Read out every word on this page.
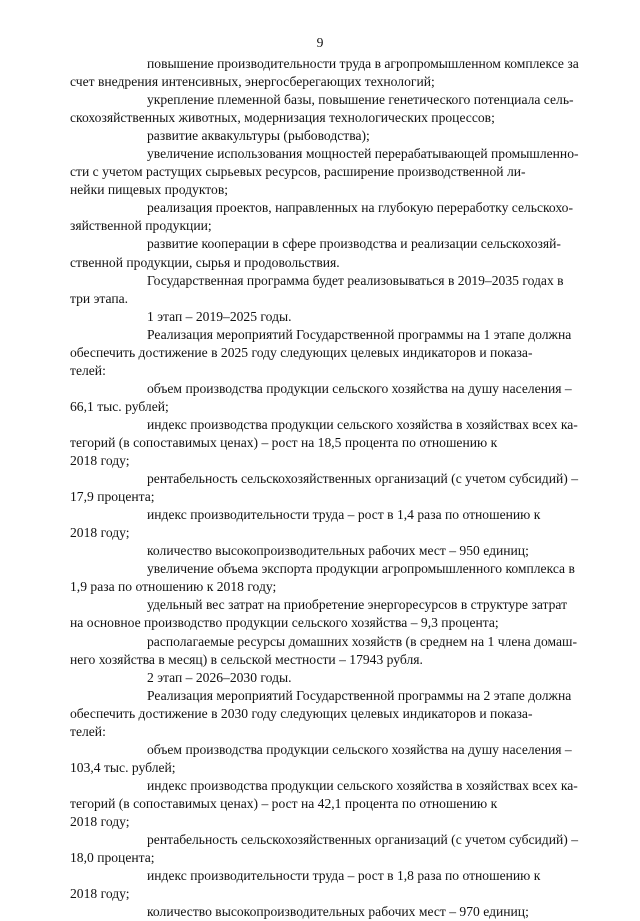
9
повышение производительности труда в агропромышленном комплексе за
счет внедрения интенсивных, энергосберегающих технологий;
укрепление племенной базы, повышение генетического потенциала сель-
скохозяйственных животных, модернизация технологических процессов;
развитие аквакультуры (рыбоводства);
увеличение использования мощностей перерабатывающей промышленно-
сти с учетом растущих сырьевых ресурсов, расширение производственной ли-
нейки пищевых продуктов;
реализация проектов, направленных на глубокую переработку сельскохо-
зяйственной продукции;
развитие кооперации в сфере производства и реализации сельскохозяй-
ственной продукции, сырья и продовольствия.
Государственная программа будет реализовываться в 2019–2035 годах в
три этапа.
1 этап – 2019–2025 годы.
Реализация мероприятий Государственной программы на 1 этапе должна
обеспечить достижение в 2025 году следующих целевых индикаторов и показа-
телей:
объем производства продукции сельского хозяйства на душу населения –
66,1 тыс. рублей;
индекс производства продукции сельского хозяйства в хозяйствах всех ка-
тегорий (в сопоставимых ценах) – рост на 18,5 процента по отношению к
2018 году;
рентабельность сельскохозяйственных организаций (с учетом субсидий) –
17,9 процента;
индекс производительности труда – рост в 1,4 раза по отношению к
2018 году;
количество высокопроизводительных рабочих мест – 950 единиц;
увеличение объема экспорта продукции агропромышленного комплекса в
1,9 раза по отношению к 2018 году;
удельный вес затрат на приобретение энергоресурсов в структуре затрат
на основное производство продукции сельского хозяйства – 9,3 процента;
располагаемые ресурсы домашних хозяйств (в среднем на 1 члена домаш-
него хозяйства в месяц) в сельской местности – 17943 рубля.
2 этап – 2026–2030 годы.
Реализация мероприятий Государственной программы на 2 этапе должна
обеспечить достижение в 2030 году следующих целевых индикаторов и показа-
телей:
объем производства продукции сельского хозяйства на душу населения –
103,4 тыс. рублей;
индекс производства продукции сельского хозяйства в хозяйствах всех ка-
тегорий (в сопоставимых ценах) – рост на 42,1 процента по отношению к
2018 году;
рентабельность сельскохозяйственных организаций (с учетом субсидий) –
18,0 процента;
индекс производительности труда – рост в 1,8 раза по отношению к
2018 году;
количество высокопроизводительных рабочих мест – 970 единиц;
